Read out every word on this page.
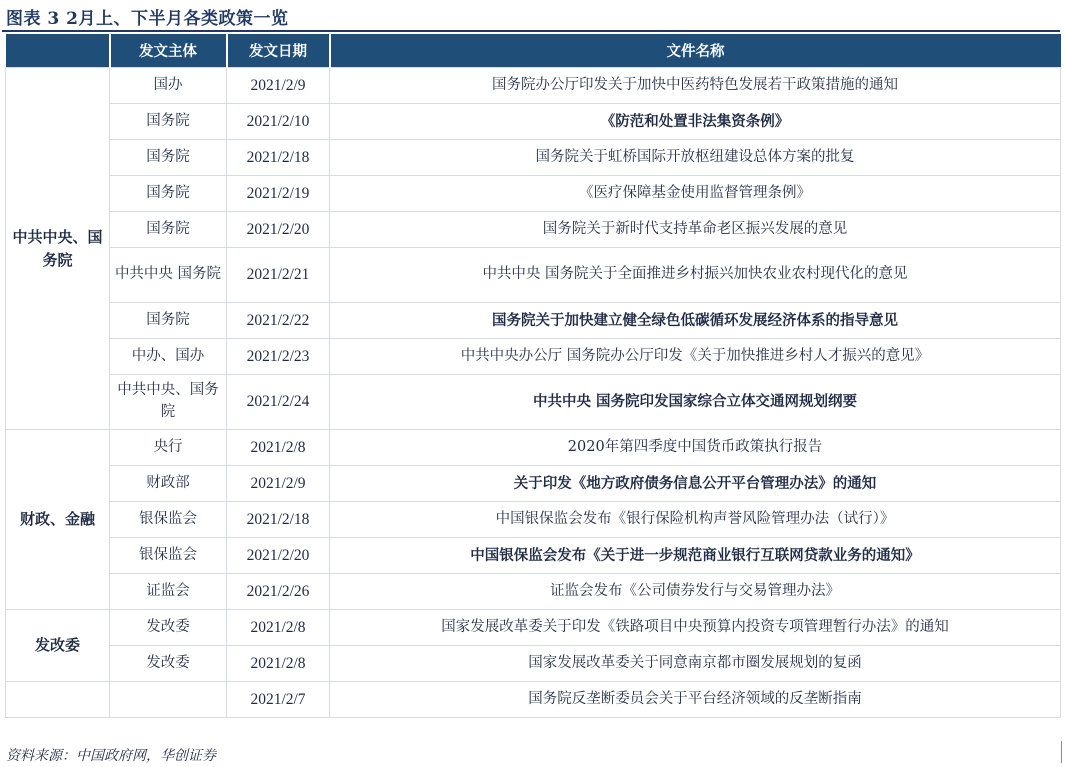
图表 3 2月上、下半月各类政策一览
	发文主体	发文日期	文件名称
中共中央、国务院	国办	2021/2/9	国务院办公厅印发关于加快中医药特色发展若干政策措施的通知
	国务院	2021/2/10	《防范和处置非法集资条例》
	国务院	2021/2/18	国务院关于虹桥国际开放枢纽建设总体方案的批复
	国务院	2021/2/19	《医疗保障基金使用监督管理条例》
	国务院	2021/2/20	国务院关于新时代支持革命老区振兴发展的意见
	中共中央 国务院	2021/2/21	中共中央 国务院关于全面推进乡村振兴加快农业农村现代化的意见
	国务院	2021/2/22	国务院关于加快建立健全绿色低碳循环发展经济体系的指导意见
	中办、国办	2021/2/23	中共中央办公厅 国务院办公厅印发《关于加快推进乡村人才振兴的意见》
	中共中央、国务院	2021/2/24	中共中央 国务院印发国家综合立体交通网规划纲要
财政、金融	央行	2021/2/8	2020年第四季度中国货币政策执行报告
	财政部	2021/2/9	关于印发《地方政府债务信息公开平台管理办法》的通知
	银保监会	2021/2/18	中国银保监会发布《银行保险机构声誉风险管理办法（试行）》
	银保监会	2021/2/20	中国银保监会发布《关于进一步规范商业银行互联网贷款业务的通知》
	证监会	2021/2/26	证监会发布《公司债券发行与交易管理办法》
发改委	发改委	2021/2/8	国家发展改革委关于印发《铁路项目中央预算内投资专项管理暂行办法》的通知
	发改委	2021/2/8	国家发展改革委关于同意南京都市圈发展规划的复函
		2021/2/7	国务院反垄断委员会关于平台经济领域的反垄断指南
资料来源：中国政府网，华创证券
